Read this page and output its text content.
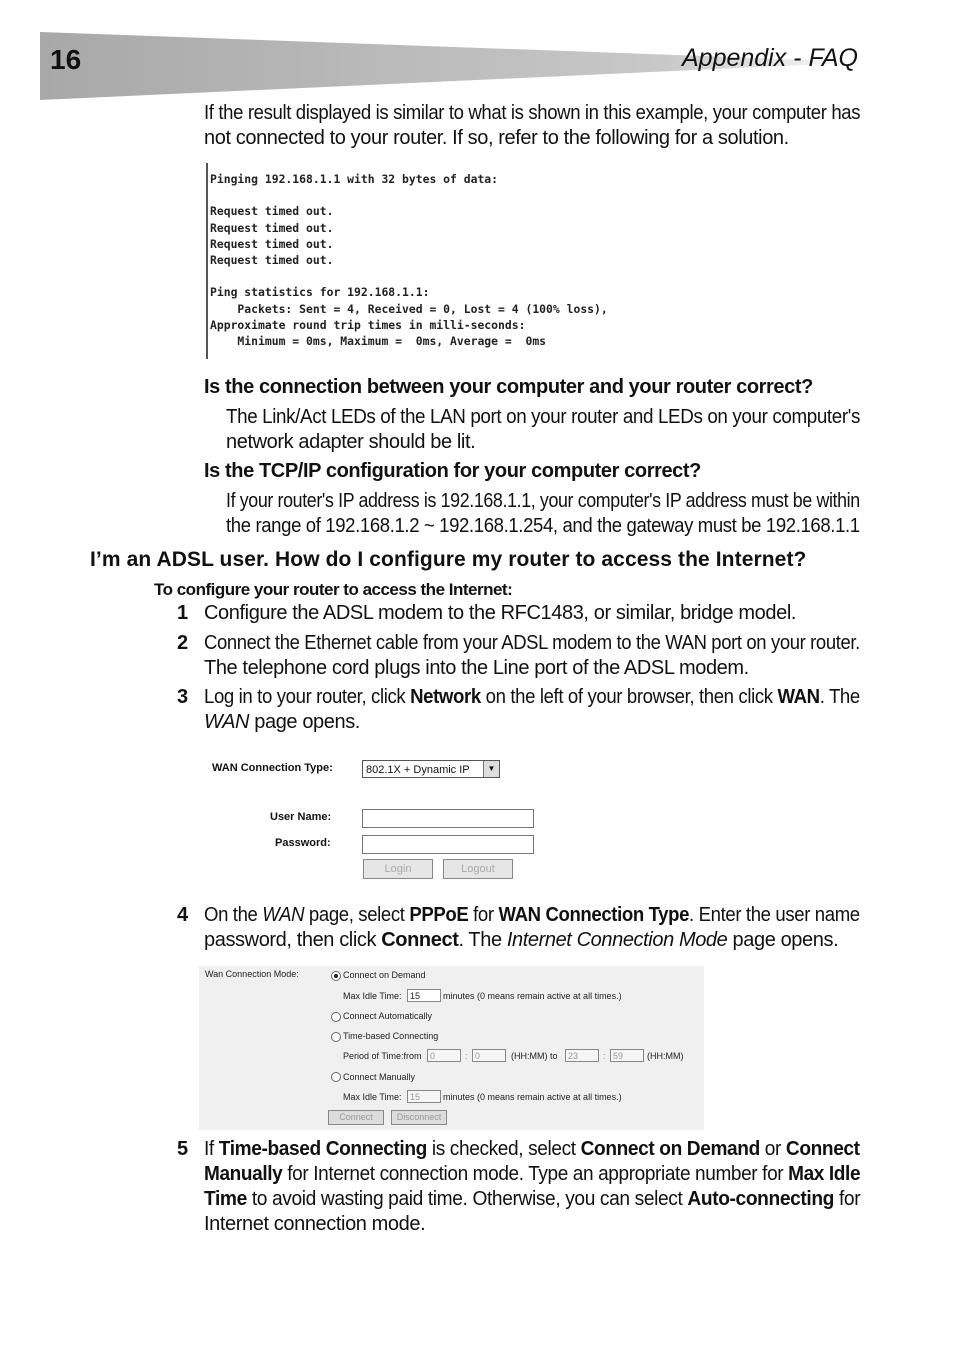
16	Appendix - FAQ
If the result displayed is similar to what is shown in this example, your computer has
not connected to your router. If so, refer to the following for a solution.
Pinging 192.168.1.1 with 32 bytes of data:

Request timed out.
Request timed out.
Request timed out.
Request timed out.

Ping statistics for 192.168.1.1:
Packets: Sent = 4, Received = 0, Lost = 4 (100% loss),
Approximate round trip times in milli-seconds:
Minimum = 0ms, Maximum =  0ms, Average =  0ms
Is the connection between your computer and your router correct?
The Link/Act LEDs of the LAN port on your router and LEDs on your computer's
network adapter should be lit.
Is the TCP/IP configuration for your computer correct?
If your router's IP address is 192.168.1.1, your computer's IP address must be within
the range of 192.168.1.2 ~ 192.168.1.254, and the gateway must be 192.168.1.1
I’m an ADSL user. How do I configure my router to access the Internet?
To configure your router to access the Internet:
1 Configure the ADSL modem to the RFC1483, or similar, bridge model.
2 Connect the Ethernet cable from your ADSL modem to the WAN port on your router.
The telephone cord plugs into the Line port of the ADSL modem.
3 Log in to your router, click Network on the left of your browser, then click WAN. The
WAN page opens.
WAN Connection Type:	802.1X + Dynamic IP	▼
User Name:
Password:
Login	Logout
4 On the WAN page, select PPPoE for WAN Connection Type. Enter the user name
password, then click Connect. The Internet Connection Mode page opens.
Wan Connection Mode:	Connect on Demand
Max Idle Time: 15	minutes (0 means remain active at all times.)
Connect Automatically
Time-based Connecting
Period of Time:from 0	: 0	(HH:MM) to	23	: 59	(HH:MM)
Connect Manually
Max Idle Time: 15	minutes (0 means remain active at all times.)
Connect	Disconnect
5 If Time-based Connecting is checked, select Connect on Demand or Connect
Manually for Internet connection mode. Type an appropriate number for Max Idle
Time to avoid wasting paid time. Otherwise, you can select Auto-connecting for
Internet connection mode.
